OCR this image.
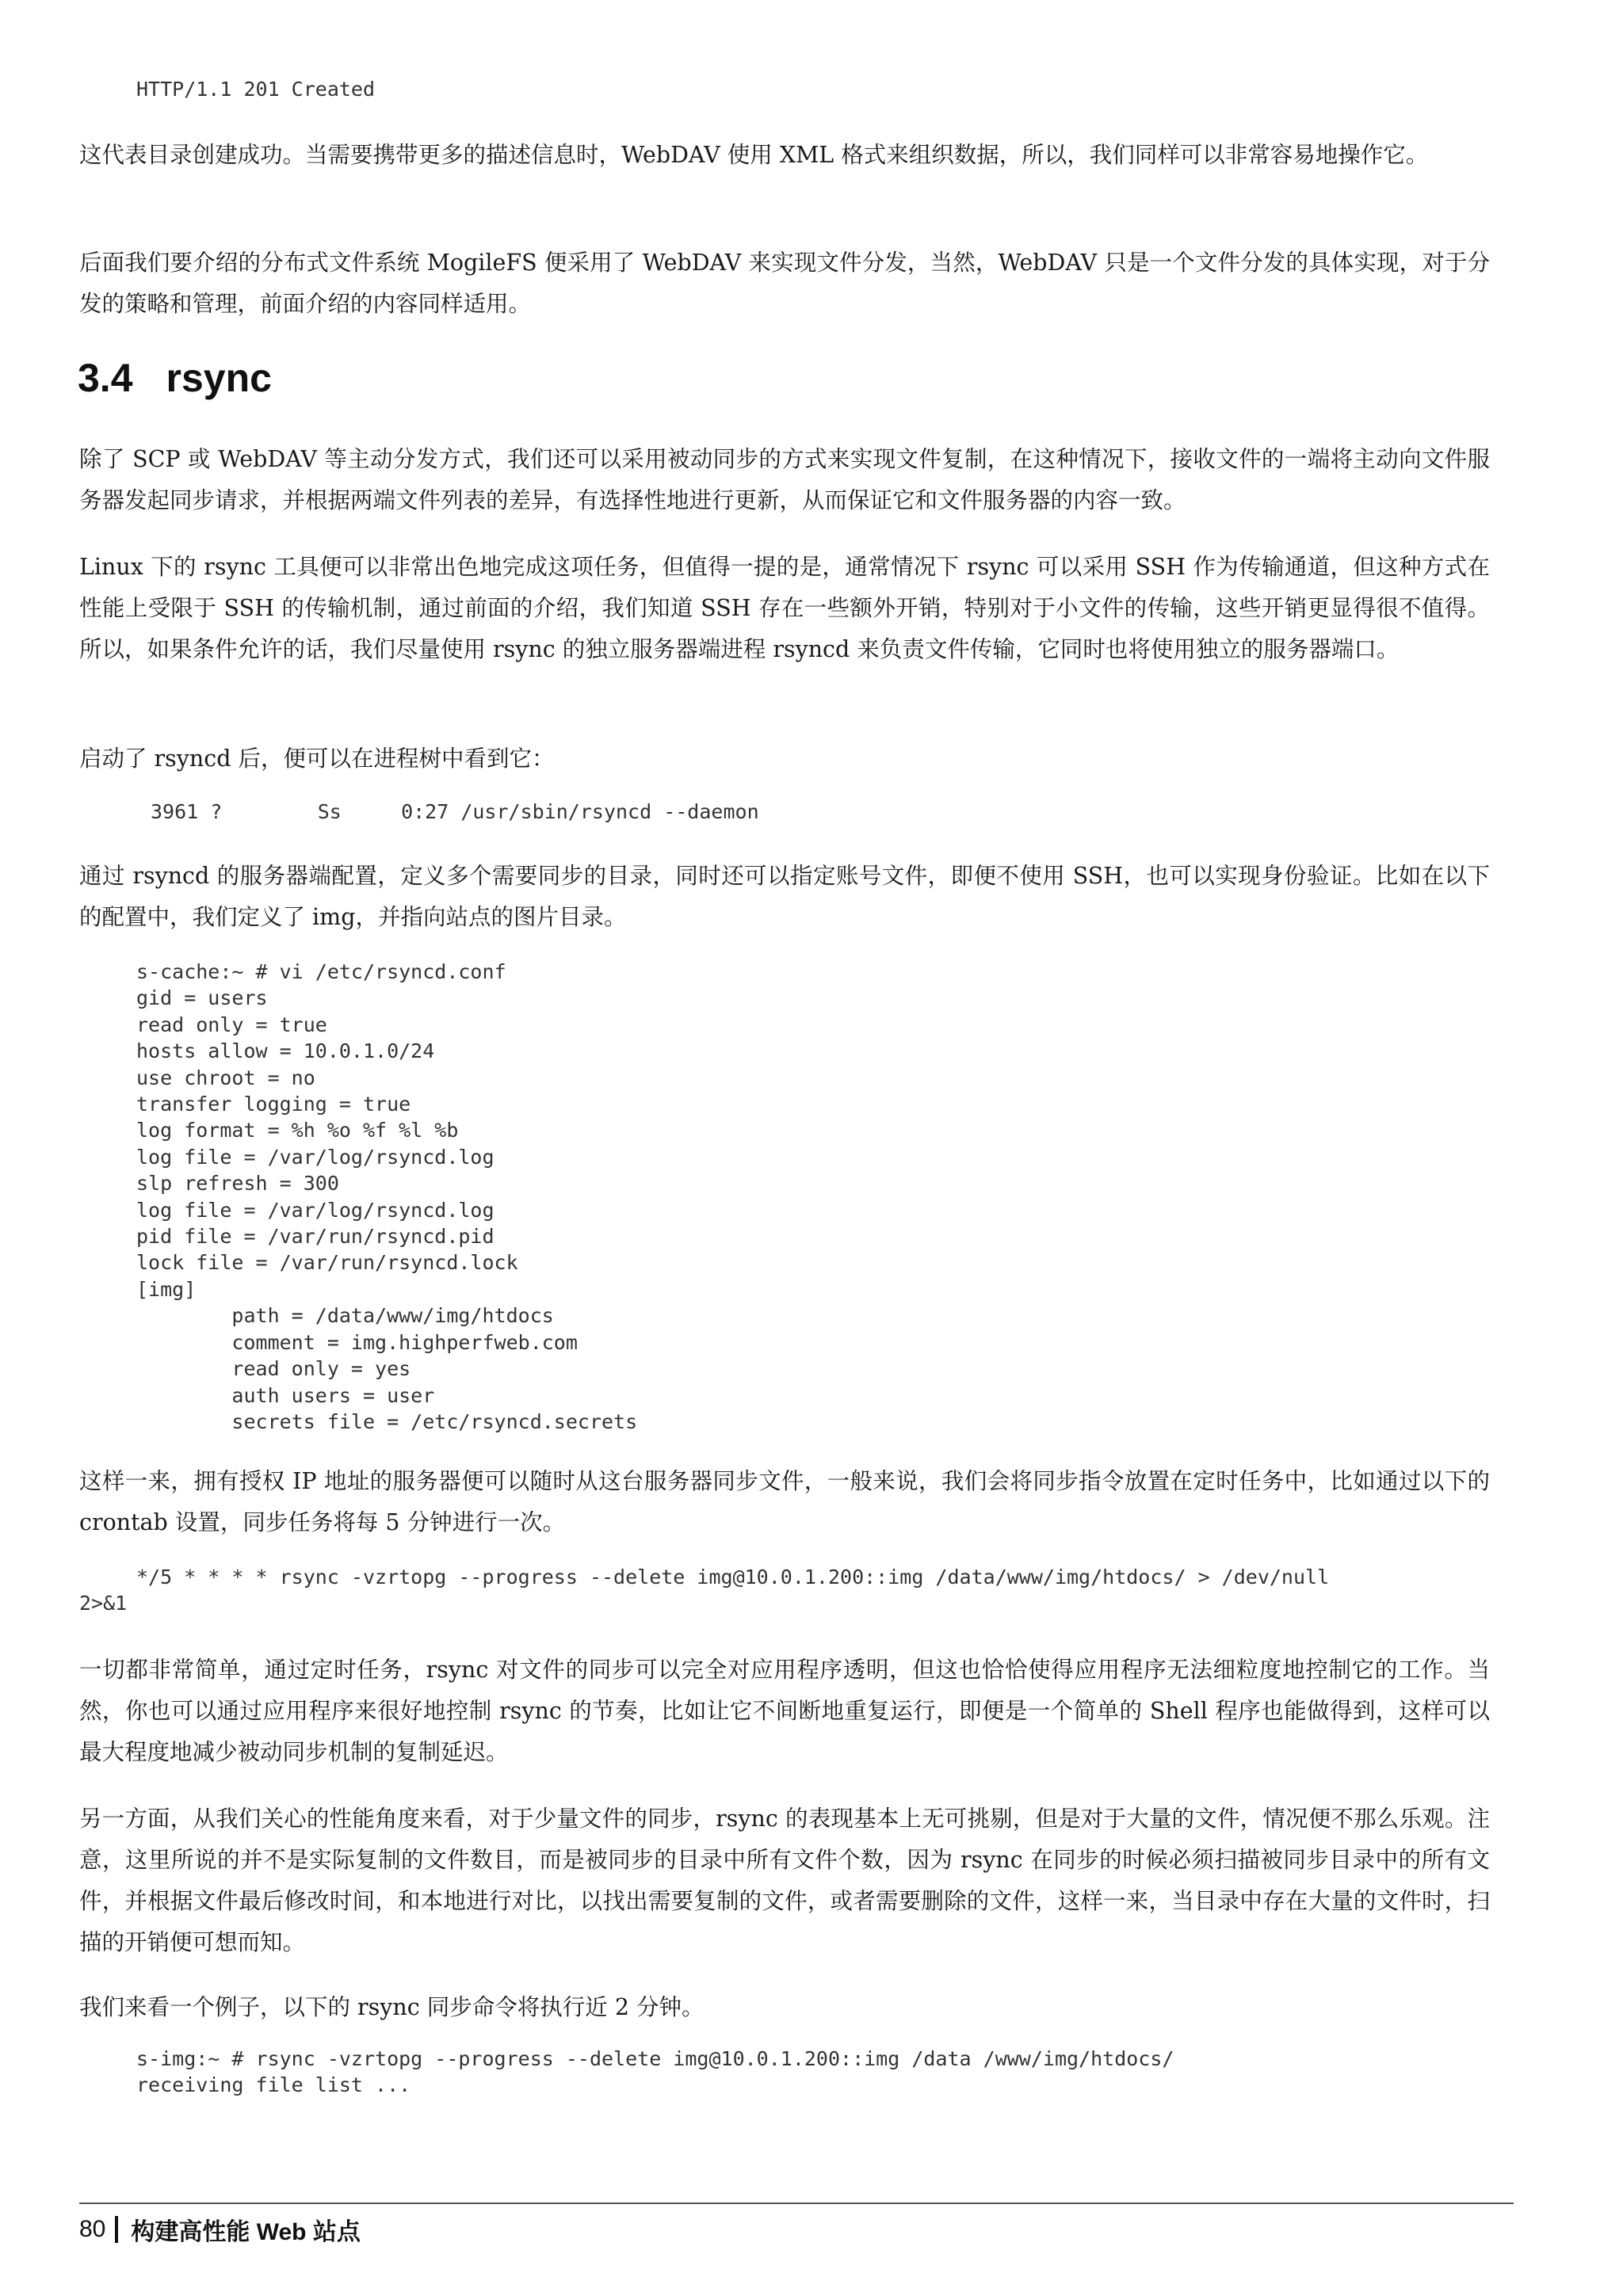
HTTP/1.1 201 Created

这代表目录创建成功。当需要携带更多的描述信息时，WebDAV 使用 XML 格式来组织数据，所以，我们同样可以非常容易地操作它。

后面我们要介绍的分布式文件系统 MogileFS 便采用了 WebDAV 来实现文件分发，当然，WebDAV 只是一个文件分发的具体实现，对于分发的策略和管理，前面介绍的内容同样适用。

3.4 rsync

除了 SCP 或 WebDAV 等主动分发方式，我们还可以采用被动同步的方式来实现文件复制，在这种情况下，接收文件的一端将主动向文件服务器发起同步请求，并根据两端文件列表的差异，有选择性地进行更新，从而保证它和文件服务器的内容一致。

Linux 下的 rsync 工具便可以非常出色地完成这项任务，但值得一提的是，通常情况下 rsync 可以采用 SSH 作为传输通道，但这种方式在性能上受限于 SSH 的传输机制，通过前面的介绍，我们知道 SSH 存在一些额外开销，特别对于小文件的传输，这些开销更显得很不值得。所以，如果条件允许的话，我们尽量使用 rsync 的独立服务器端进程 rsyncd 来负责文件传输，它同时也将使用独立的服务器端口。

启动了 rsyncd 后，便可以在进程树中看到它：

3961 ?        Ss     0:27 /usr/sbin/rsyncd --daemon

通过 rsyncd 的服务器端配置，定义多个需要同步的目录，同时还可以指定账号文件，即便不使用 SSH，也可以实现身份验证。比如在以下的配置中，我们定义了 img，并指向站点的图片目录。

s-cache:~ # vi /etc/rsyncd.conf
gid = users
read only = true
hosts allow = 10.0.1.0/24
use chroot = no
transfer logging = true
log format = %h %o %f %l %b
log file = /var/log/rsyncd.log
slp refresh = 300
log file = /var/log/rsyncd.log
pid file = /var/run/rsyncd.pid
lock file = /var/run/rsyncd.lock
[img]
path = /data/www/img/htdocs
comment = img.highperfweb.com
read only = yes
auth users = user
secrets file = /etc/rsyncd.secrets

这样一来，拥有授权 IP 地址的服务器便可以随时从这台服务器同步文件，一般来说，我们会将同步指令放置在定时任务中，比如通过以下的 crontab 设置，同步任务将每 5 分钟进行一次。

*/5 * * * * rsync -vzrtopg --progress --delete img@10.0.1.200::img /data/www/img/htdocs/ > /dev/null
2>&1

一切都非常简单，通过定时任务，rsync 对文件的同步可以完全对应用程序透明，但这也恰恰使得应用程序无法细粒度地控制它的工作。当然，你也可以通过应用程序来很好地控制 rsync 的节奏，比如让它不间断地重复运行，即便是一个简单的 Shell 程序也能做得到，这样可以最大程度地减少被动同步机制的复制延迟。

另一方面，从我们关心的性能角度来看，对于少量文件的同步，rsync 的表现基本上无可挑剔，但是对于大量的文件，情况便不那么乐观。注意，这里所说的并不是实际复制的文件数目，而是被同步的目录中所有文件个数，因为 rsync 在同步的时候必须扫描被同步目录中的所有文件，并根据文件最后修改时间，和本地进行对比，以找出需要复制的文件，或者需要删除的文件，这样一来，当目录中存在大量的文件时，扫描的开销便可想而知。

我们来看一个例子，以下的 rsync 同步命令将执行近 2 分钟。

s-img:~ # rsync -vzrtopg --progress --delete img@10.0.1.200::img /data /www/img/htdocs/
receiving file list ...
80 构建高性能 Web 站点
